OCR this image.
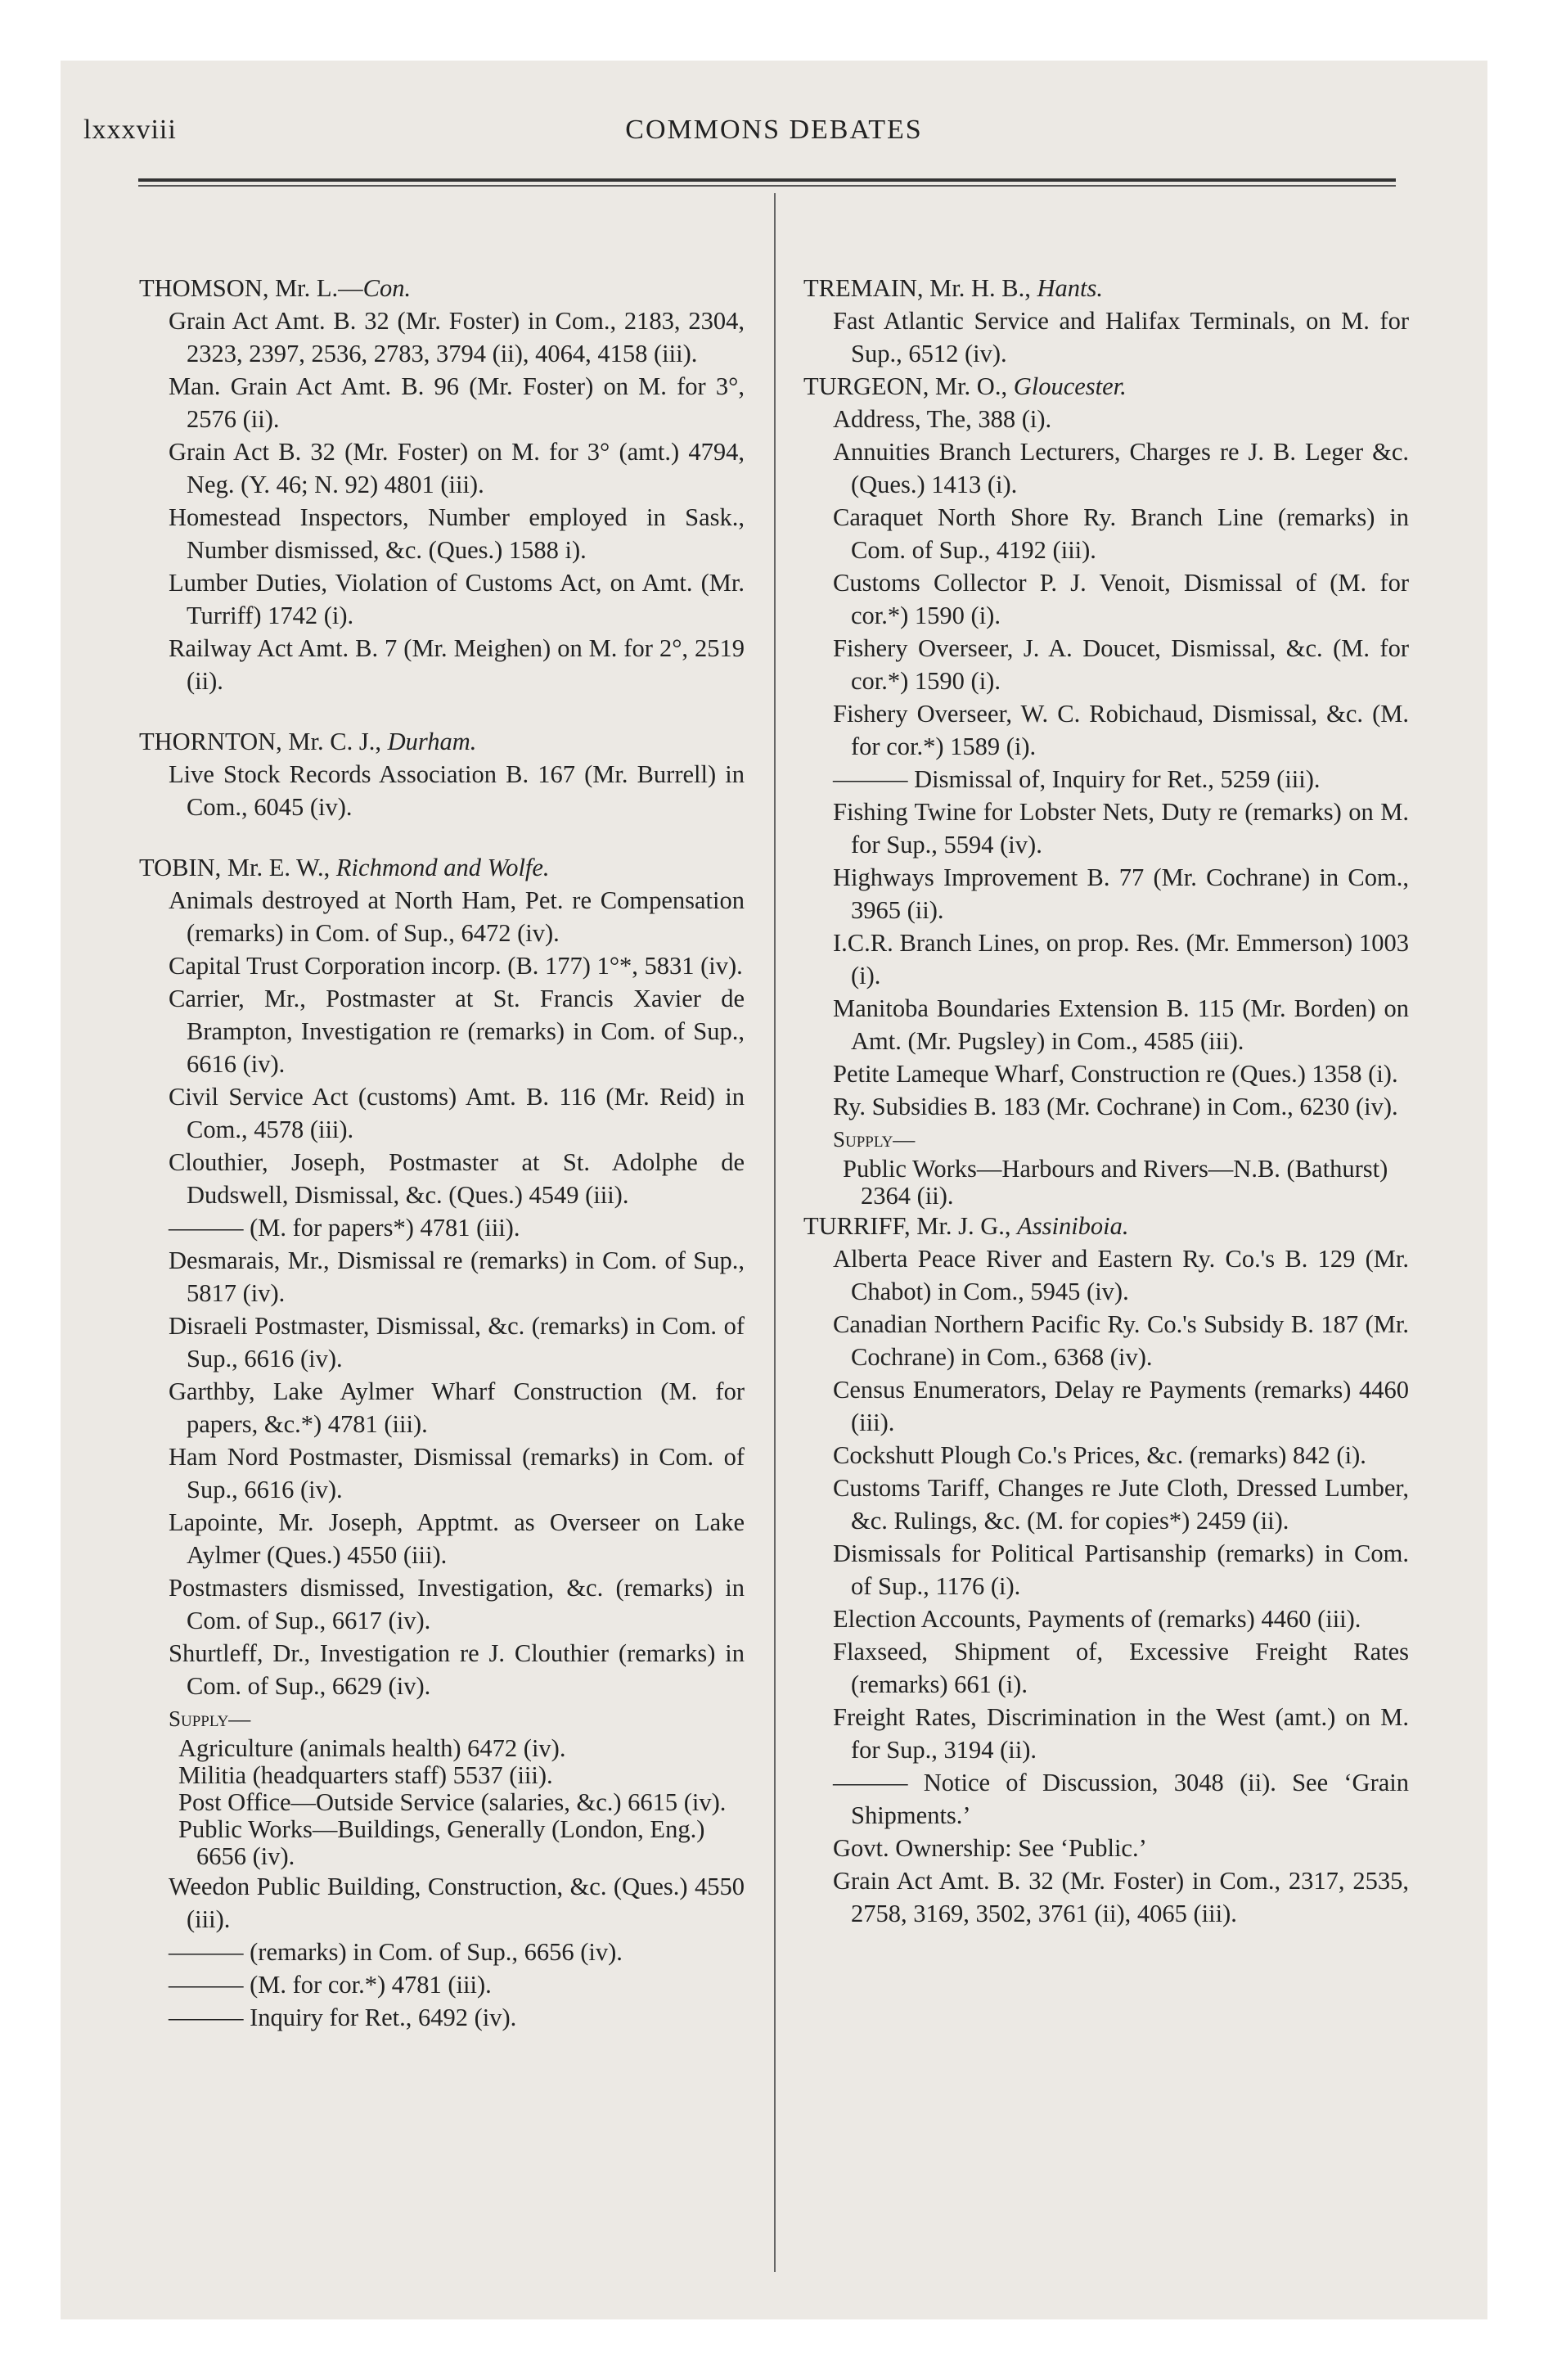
lxxxviii	COMMONS DEBATES

THOMSON, Mr. L.—Con.

Grain Act Amt. B. 32 (Mr. Foster) in Com., 2183, 2304, 2323, 2397, 2536, 2783, 3794 (ii), 4064, 4158 (iii).

Man. Grain Act Amt. B. 96 (Mr. Foster) on M. for 3°, 2576 (ii).

Grain Act B. 32 (Mr. Foster) on M. for 3° (amt.) 4794, Neg. (Y. 46; N. 92) 4801 (iii).

Homestead Inspectors, Number employed in Sask., Number dismissed, &c. (Ques.) 1588 i).

Lumber Duties, Violation of Customs Act, on Amt. (Mr. Turriff) 1742 (i).

Railway Act Amt. B. 7 (Mr. Meighen) on M. for 2°, 2519 (ii).

THORNTON, Mr. C. J., Durham.

Live Stock Records Association B. 167 (Mr. Burrell) in Com., 6045 (iv).

TOBIN, Mr. E. W., Richmond and Wolfe.

Animals destroyed at North Ham, Pet. re Compensation (remarks) in Com. of Sup., 6472 (iv).

Capital Trust Corporation incorp. (B. 177) 1°*, 5831 (iv).

Carrier, Mr., Postmaster at St. Francis Xavier de Brampton, Investigation re (remarks) in Com. of Sup., 6616 (iv).

Civil Service Act (customs) Amt. B. 116 (Mr. Reid) in Com., 4578 (iii).

Clouthier, Joseph, Postmaster at St. Adolphe de Dudswell, Dismissal, &c. (Ques.) 4549 (iii).

——— (M. for papers*) 4781 (iii).

Desmarais, Mr., Dismissal re (remarks) in Com. of Sup., 5817 (iv).

Disraeli Postmaster, Dismissal, &c. (remarks) in Com. of Sup., 6616 (iv).

Garthby, Lake Aylmer Wharf Construction (M. for papers, &c.*) 4781 (iii).

Ham Nord Postmaster, Dismissal (remarks) in Com. of Sup., 6616 (iv).

Lapointe, Mr. Joseph, Apptmt. as Overseer on Lake Aylmer (Ques.) 4550 (iii).

Postmasters dismissed, Investigation, &c. (remarks) in Com. of Sup., 6617 (iv).

Shurtleff, Dr., Investigation re J. Clouthier (remarks) in Com. of Sup., 6629 (iv).

Supply—

Agriculture (animals health) 6472 (iv).

Militia (headquarters staff) 5537 (iii).

Post Office—Outside Service (salaries, &c.) 6615 (iv).

Public Works—Buildings, Generally (London, Eng.) 6656 (iv).

Weedon Public Building, Construction, &c. (Ques.) 4550 (iii).

——— (remarks) in Com. of Sup., 6656 (iv).

——— (M. for cor.*) 4781 (iii).

——— Inquiry for Ret., 6492 (iv).

TREMAIN, Mr. H. B., Hants.

Fast Atlantic Service and Halifax Terminals, on M. for Sup., 6512 (iv).

TURGEON, Mr. O., Gloucester.

Address, The, 388 (i).

Annuities Branch Lecturers, Charges re J. B. Leger &c. (Ques.) 1413 (i).

Caraquet North Shore Ry. Branch Line (remarks) in Com. of Sup., 4192 (iii).

Customs Collector P. J. Venoit, Dismissal of (M. for cor.*) 1590 (i).

Fishery Overseer, J. A. Doucet, Dismissal, &c. (M. for cor.*) 1590 (i).

Fishery Overseer, W. C. Robichaud, Dismissal, &c. (M. for cor.*) 1589 (i).

——— Dismissal of, Inquiry for Ret., 5259 (iii).

Fishing Twine for Lobster Nets, Duty re (remarks) on M. for Sup., 5594 (iv).

Highways Improvement B. 77 (Mr. Cochrane) in Com., 3965 (ii).

I.C.R. Branch Lines, on prop. Res. (Mr. Emmerson) 1003 (i).

Manitoba Boundaries Extension B. 115 (Mr. Borden) on Amt. (Mr. Pugsley) in Com., 4585 (iii).

Petite Lameque Wharf, Construction re (Ques.) 1358 (i).

Ry. Subsidies B. 183 (Mr. Cochrane) in Com., 6230 (iv).

Supply—

Public Works—Harbours and Rivers—N.B. (Bathurst) 2364 (ii).

TURRIFF, Mr. J. G., Assiniboia.

Alberta Peace River and Eastern Ry. Co.'s B. 129 (Mr. Chabot) in Com., 5945 (iv).

Canadian Northern Pacific Ry. Co.'s Subsidy B. 187 (Mr. Cochrane) in Com., 6368 (iv).

Census Enumerators, Delay re Payments (remarks) 4460 (iii).

Cockshutt Plough Co.'s Prices, &c. (remarks) 842 (i).

Customs Tariff, Changes re Jute Cloth, Dressed Lumber, &c. Rulings, &c. (M. for copies*) 2459 (ii).

Dismissals for Political Partisanship (remarks) in Com. of Sup., 1176 (i).

Election Accounts, Payments of (remarks) 4460 (iii).

Flaxseed, Shipment of, Excessive Freight Rates (remarks) 661 (i).

Freight Rates, Discrimination in the West (amt.) on M. for Sup., 3194 (ii).

——— Notice of Discussion, 3048 (ii). See ‘Grain Shipments.’

Govt. Ownership: See ‘Public.’

Grain Act Amt. B. 32 (Mr. Foster) in Com., 2317, 2535, 2758, 3169, 3502, 3761 (ii), 4065 (iii).
